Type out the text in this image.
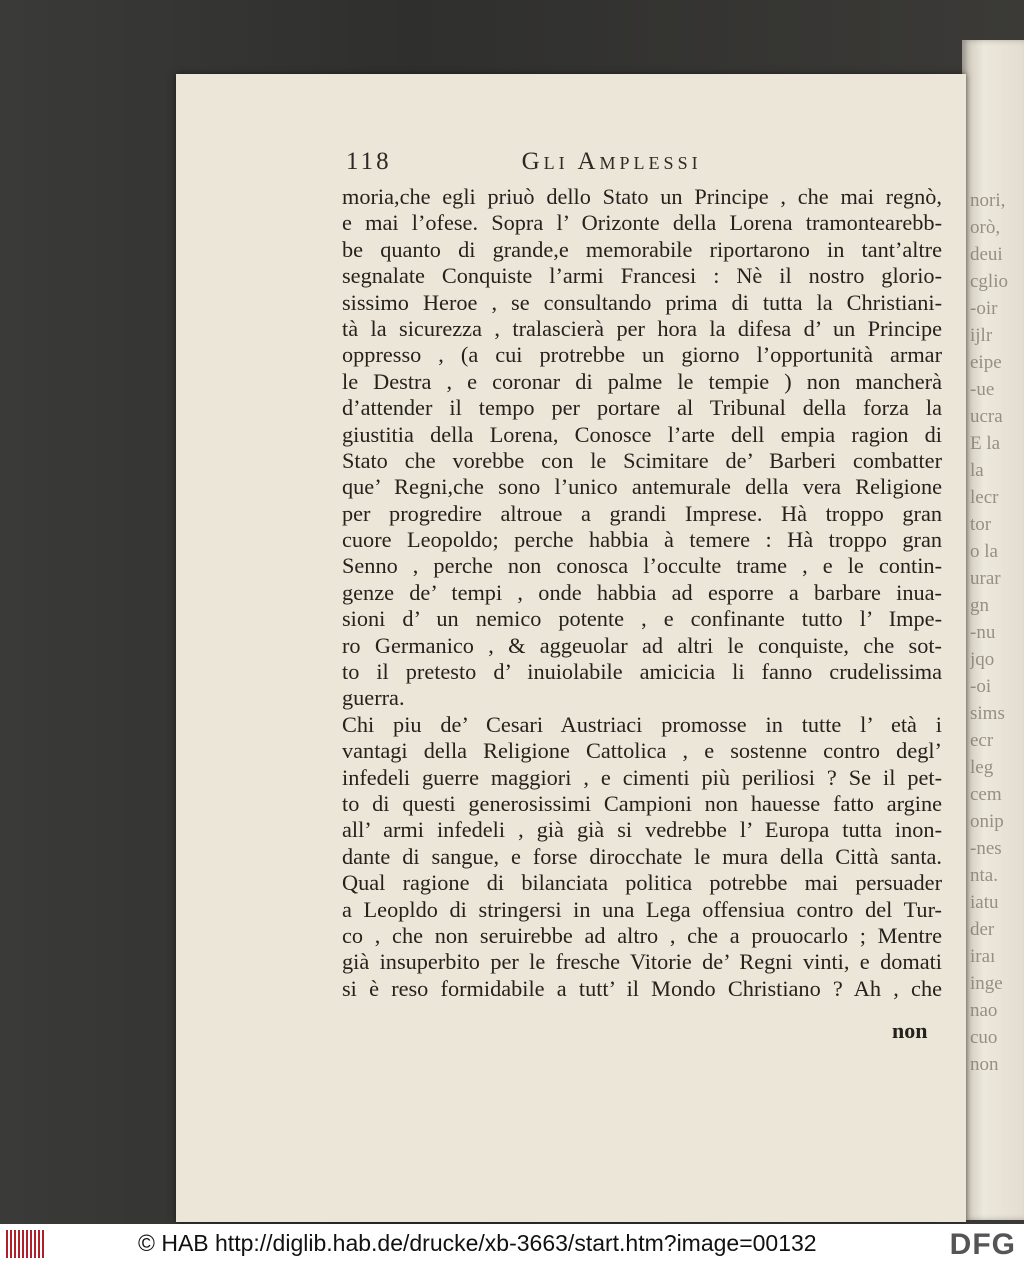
nori,
orò,
deui
cglio
-oir
ijlr
eipe
-ue
ucra
E la
la
lecr
tor
o la
urar
gn
-nu
jqo
-oi
sims
ecr
leg
cem
onip
-nes
nta.
iatu
der
iraı
inge
nao
cuo
non
118	Gli Amplessi
moria,che egli priuò dello Stato un Principe , che mai regnò,
e mai l’ofese. Sopra l’ Orizonte della Lorena tramontearebb-
be quanto di grande,e memorabile riportarono in tant’altre
segnalate Conquiste l’armi Francesi : Nè il nostro glorio-
sissimo Heroe , se consultando prima di tutta la Christiani-
tà la sicurezza , tralascierà per hora la difesa d’ un Principe
oppresso , (a cui protrebbe un giorno l’opportunità armar
le Destra , e coronar di palme le tempie ) non mancherà
d’attender il tempo per portare al Tribunal della forza la
giustitia della Lorena, Conosce l’arte dell empia ragion di
Stato che vorebbe con le Scimitare de’ Barberi combatter
que’ Regni,che sono l’unico antemurale della vera Religione
per progredire altroue a grandi Imprese. Hà troppo gran
cuore Leopoldo; perche habbia à temere : Hà troppo gran
Senno , perche non conosca l’occulte trame , e le contin-
genze de’ tempi , onde habbia ad esporre a barbare inua-
sioni d’ un nemico potente , e confinante tutto l’ Impe-
ro Germanico , & aggeuolar ad altri le conquiste, che sot-
to il pretesto d’ inuiolabile amicicia li fanno crudelissima
guerra.
Chi piu de’ Cesari Austriaci promosse in tutte l’ età i
vantagi della Religione Cattolica , e sostenne contro degl’
infedeli guerre maggiori , e cimenti più periliosi ? Se il pet-
to di questi generosissimi Campioni non hauesse fatto argine
all’ armi infedeli , già già si vedrebbe l’ Europa tutta inon-
dante di sangue, e forse dirocchate le mura della Città santa.
Qual ragione di bilanciata politica potrebbe mai persuader
a Leopldo di stringersi in una Lega offensiua contro del Tur-
co , che non seruirebbe ad altro , che a prouocarlo ; Mentre
già insuperbito per le fresche Vitorie de’ Regni vinti, e domati
si è reso formidabile a tutt’ il Mondo Christiano ? Ah , che
non
© HAB http://diglib.hab.de/drucke/xb-3663/start.htm?image=00132	DFG
